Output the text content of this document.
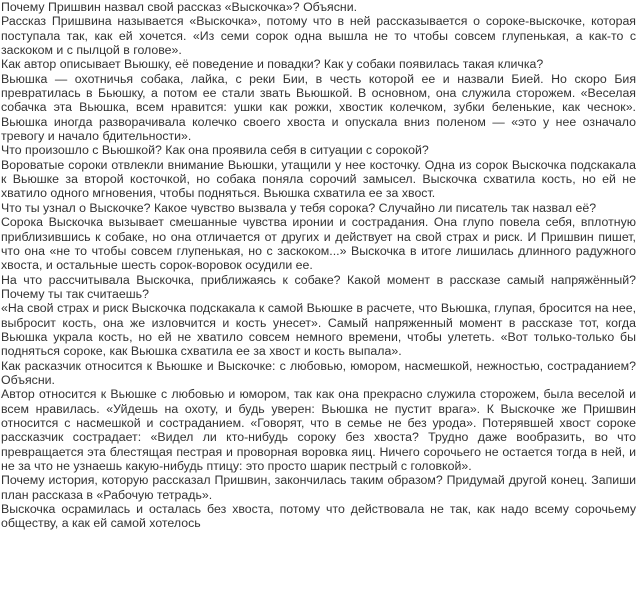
Почему Пришвин назвал свой рассказ «Выскочка»? Объясни.

Рассказ Пришвина называется «Выскочка», потому что в ней рассказывается о сороке-выскочке, которая поступала так, как ей хочется. «Из семи сорок одна вышла не то чтобы совсем глупенькая, а как-то с заскоком и с пылцой в голове».

Как автор описывает Вьюшку, её поведение и повадки? Как у собаки появилась такая кличка?

Вьюшка — охотничья собака, лайка, с реки Бии, в честь которой ее и назвали Бией. Но скоро Бия превратилась в Бьюшку, а потом ее стали звать Вьюшкой. В основном, она служила сторожем. «Веселая собачка эта Вьюшка, всем нравится: ушки как рожки, хвостик колечком, зубки беленькие, как чеснок». Вьюшка иногда разворачивала колечко своего хвоста и опускала вниз поленом — «это у нее означало тревогу и начало бдительности».

Что произошло с Вьюшкой? Как она проявила себя в ситуации с сорокой?

Вороватые сороки отвлекли внимание Вьюшки, утащили у нее косточку. Одна из сорок Выскочка подскакала к Вьюшке за второй косточкой, но собака поняла сорочий замысел. Выскочка схватила кость, но ей не хватило одного мгновения, чтобы подняться. Вьюшка схватила ее за хвост.

Что ты узнал о Выскочке? Какое чувство вызвала у тебя сорока? Случайно ли писатель так назвал её?

Сорока Выскочка вызывает смешанные чувства иронии и сострадания. Она глупо повела себя, вплотную приблизившись к собаке, но она отличается от других и действует на свой страх и риск. И Пришвин пишет, что она «не то чтобы совсем глупенькая, но с заскоком...» Выскочка в итоге лишилась длинного радужного хвоста, и остальные шесть сорок-воровок осудили ее.

На что рассчитывала Выскочка, приближаясь к собаке? Какой момент в рассказе самый напряжённый? Почему ты так считаешь?

«На свой страх и риск Выскочка подскакала к самой Вьюшке в расчете, что Вьюшка, глупая, бросится на нее, выбросит кость, она же изловчится и кость унесет». Самый напряженный момент в рассказе тот, когда Вьюшка украла кость, но ей не хватило совсем немного времени, чтобы улететь. «Вот только-только бы подняться сороке, как Вьюшка схватила ее за хвост и кость выпала».

Как расказчик относится к Вьюшке и Выскочке: с любовью, юмором, насмешкой, нежностью, состраданием? Объясни.

Автор относится к Вьюшке с любовью и юмором, так как она прекрасно служила сторожем, была веселой и всем нравилась. «Уйдешь на охоту, и будь уверен: Вьюшка не пустит врага». К Выскочке же Пришвин относится с насмешкой и состраданием. «Говорят, что в семье не без урода». Потерявшей хвост сороке рассказчик сострадает: «Видел ли кто-нибудь сороку без хвоста? Трудно даже вообразить, во что превращается эта блестящая пестрая и проворная воровка яиц. Ничего сорочьего не остается тогда в ней, и не за что не узнаешь какую-нибудь птицу: это просто шарик пестрый с головкой».

Почему история, которую рассказал Пришвин, закончилась таким образом? Придумай другой конец. Запиши план рассказа в «Рабочую тетрадь».

Выскочка осрамилась и осталась без хвоста, потому что действовала не так, как надо всему сорочьему обществу, а как ей самой хотелось
